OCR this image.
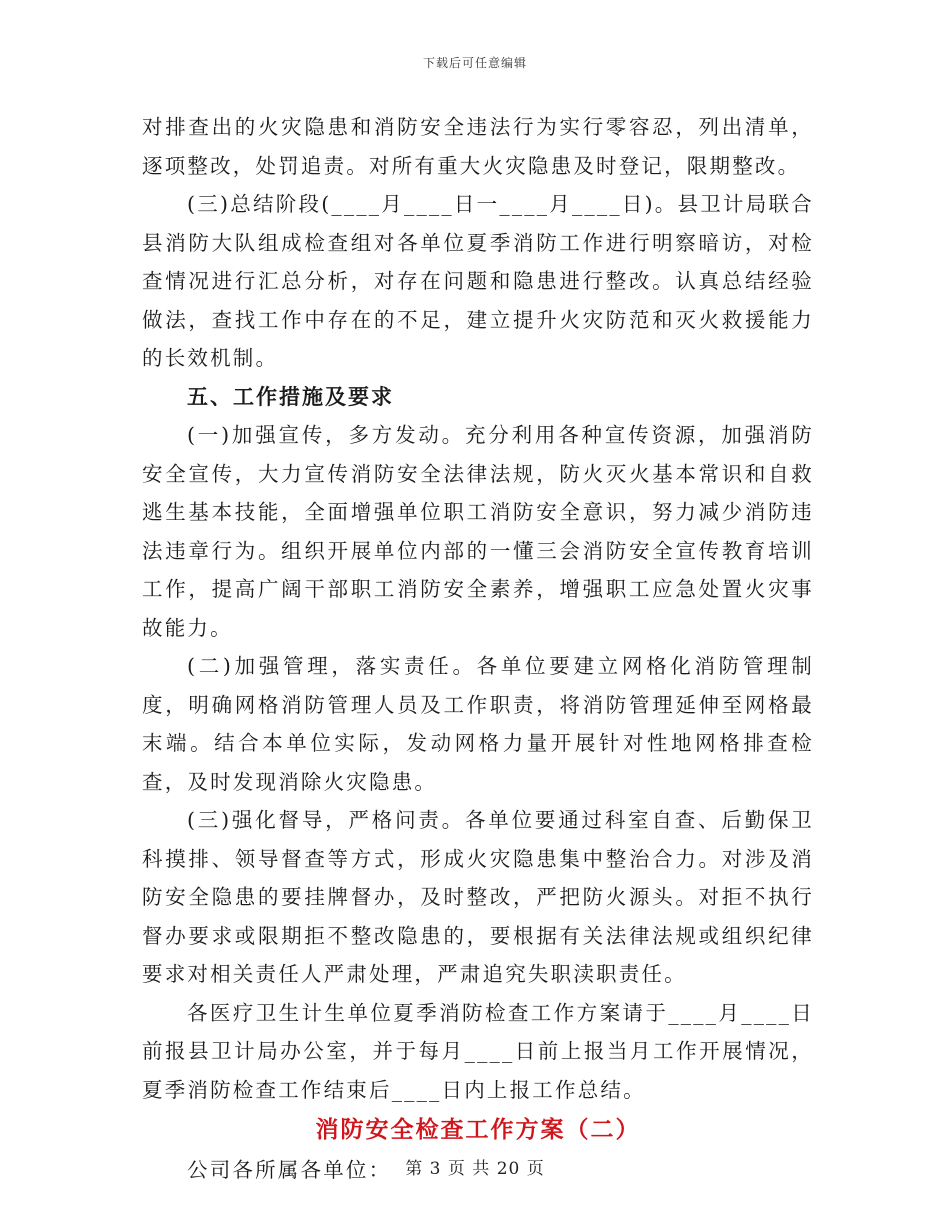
下载后可任意编辑

对排查出的火灾隐患和消防安全违法行为实行零容忍，列出清单，逐项整改，处罚追责。对所有重大火灾隐患及时登记，限期整改。

(三)总结阶段(____月____日一____月____日)。县卫计局联合县消防大队组成检查组对各单位夏季消防工作进行明察暗访，对检查情况进行汇总分析，对存在问题和隐患进行整改。认真总结经验做法，查找工作中存在的不足，建立提升火灾防范和灭火救援能力的长效机制。

五、工作措施及要求

(一)加强宣传，多方发动。充分利用各种宣传资源，加强消防安全宣传，大力宣传消防安全法律法规，防火灭火基本常识和自救逃生基本技能，全面增强单位职工消防安全意识，努力减少消防违法违章行为。组织开展单位内部的一懂三会消防安全宣传教育培训工作，提高广阔干部职工消防安全素养，增强职工应急处置火灾事故能力。

(二)加强管理，落实责任。各单位要建立网格化消防管理制度，明确网格消防管理人员及工作职责，将消防管理延伸至网格最末端。结合本单位实际，发动网格力量开展针对性地网格排查检查，及时发现消除火灾隐患。

(三)强化督导，严格问责。各单位要通过科室自查、后勤保卫科摸排、领导督查等方式，形成火灾隐患集中整治合力。对涉及消防安全隐患的要挂牌督办，及时整改，严把防火源头。对拒不执行督办要求或限期拒不整改隐患的，要根据有关法律法规或组织纪律要求对相关责任人严肃处理，严肃追究失职渎职责任。

各医疗卫生计生单位夏季消防检查工作方案请于____月____日前报县卫计局办公室，并于每月____日前上报当月工作开展情况，夏季消防检查工作结束后____日内上报工作总结。

消防安全检查工作方案（二）

公司各所属各单位： 第 3 页 共 20 页
